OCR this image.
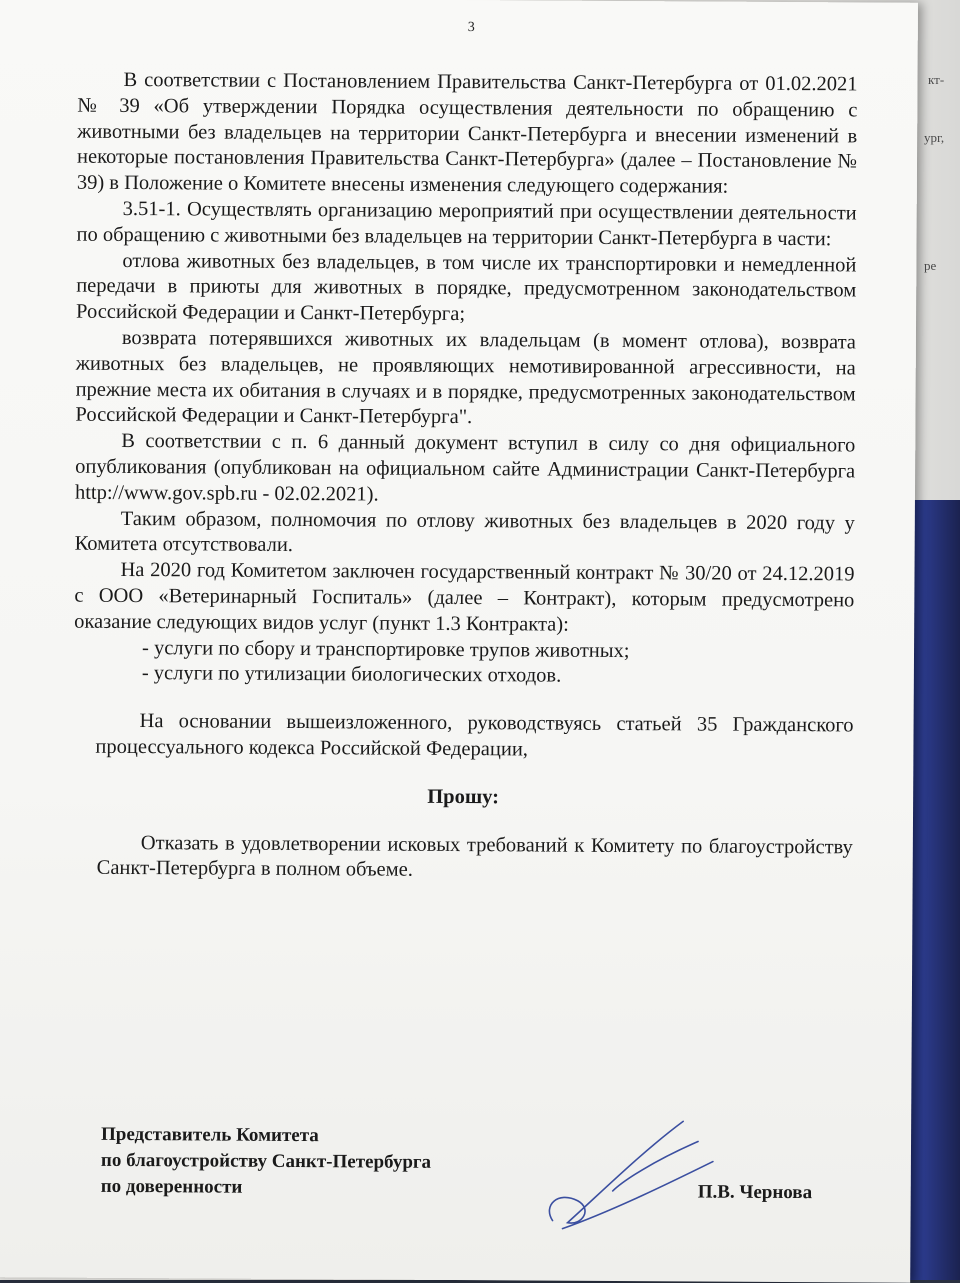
кт-
ург,
ре
3

В соответствии с Постановлением Правительства Санкт-Петербурга от 01.02.2021 № 39 «Об утверждении Порядка осуществления деятельности по обращению с животными без владельцев на территории Санкт-Петербурга и внесении изменений в некоторые постановления Правительства Санкт-Петербурга» (далее – Постановление № 39) в Положение о Комитете внесены изменения следующего содержания:

3.51-1. Осуществлять организацию мероприятий при осуществлении деятельности по обращению с животными без владельцев на территории Санкт-Петербурга в части:

отлова животных без владельцев, в том числе их транспортировки и немедленной передачи в приюты для животных в порядке, предусмотренном законодательством Российской Федерации и Санкт-Петербурга;

возврата потерявшихся животных их владельцам (в момент отлова), возврата животных без владельцев, не проявляющих немотивированной агрессивности, на прежние места их обитания в случаях и в порядке, предусмотренных законодательством Российской Федерации и Санкт-Петербурга".

В соответствии с п. 6 данный документ вступил в силу со дня официального опубликования (опубликован на официальном сайте Администрации Санкт-Петербурга http://www.gov.spb.ru - 02.02.2021).

Таким образом, полномочия по отлову животных без владельцев в 2020 году у Комитета отсутствовали.

На 2020 год Комитетом заключен государственный контракт № 30/20 от 24.12.2019 с ООО «Ветеринарный Госпиталь» (далее – Контракт), которым предусмотрено оказание следующих видов услуг (пункт 1.3 Контракта):

- услуги по сбору и транспортировке трупов животных;

- услуги по утилизации биологических отходов.

На основании вышеизложенного, руководствуясь статьей 35 Гражданского процессуального кодекса Российской Федерации,

Прошу:

Отказать в удовлетворении исковых требований к Комитету по благоустройству Санкт-Петербурга в полном объеме.

Представитель Комитета
по благоустройству Санкт-Петербурга
по доверенности	П.В. Чернова
